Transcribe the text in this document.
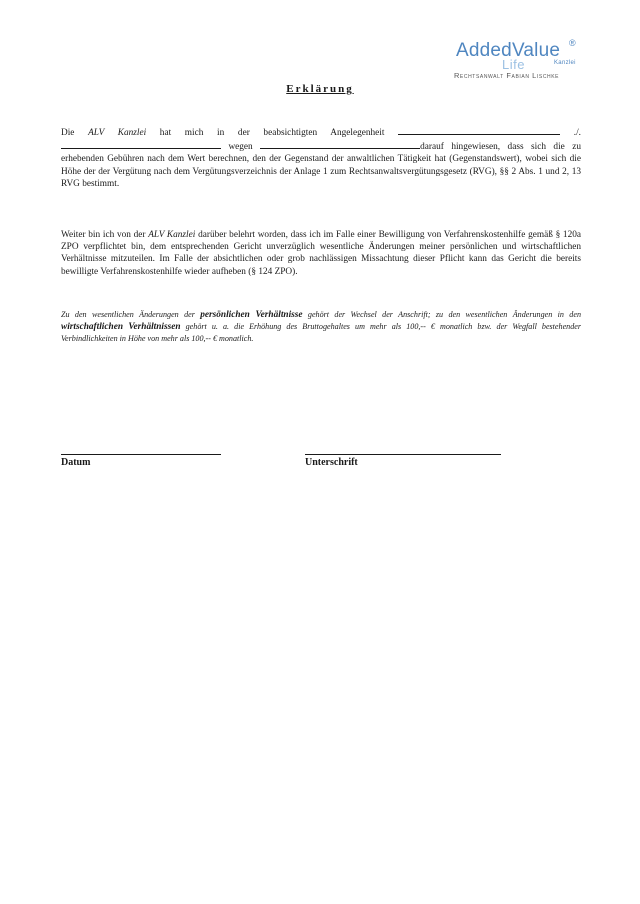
AddedValue ®
Life	Kanzlei
Rechtsanwalt Fabian Lischke
Erklärung
Die ALV Kanzlei hat mich in der beabsichtigten Angelegenheit	./.  wegen	darauf hingewiesen, dass sich die zu erhebenden Gebühren nach dem Wert berechnen, den der Gegenstand der anwaltlichen Tätigkeit hat (Gegenstandswert), wobei sich die Höhe der der Vergütung nach dem Vergütungsverzeichnis der Anlage 1 zum Rechtsanwaltsvergütungsgesetz (RVG), §§ 2 Abs. 1 und 2, 13 RVG bestimmt.
Weiter bin ich von der ALV Kanzlei darüber belehrt worden, dass ich im Falle einer Bewilligung von Verfahrenskostenhilfe gemäß § 120a ZPO verpflichtet bin, dem entsprechenden Gericht unverzüglich wesentliche Änderungen meiner persönlichen und wirtschaftlichen Verhältnisse mitzuteilen. Im Falle der absichtlichen oder grob nachlässigen Missachtung dieser Pflicht kann das Gericht die bereits bewilligte Verfahrenskostenhilfe wieder aufheben (§ 124 ZPO).
Zu den wesentlichen Änderungen der persönlichen Verhältnisse gehört der Wechsel der Anschrift; zu den wesentlichen Änderungen in den wirtschaftlichen Verhältnissen gehört u. a. die Erhöhung des Bruttogehaltes um mehr als 100,-- € monatlich bzw. der Wegfall bestehender Verbindlichkeiten in Höhe von mehr als 100,-- € monatlich.
Datum	Unterschrift
